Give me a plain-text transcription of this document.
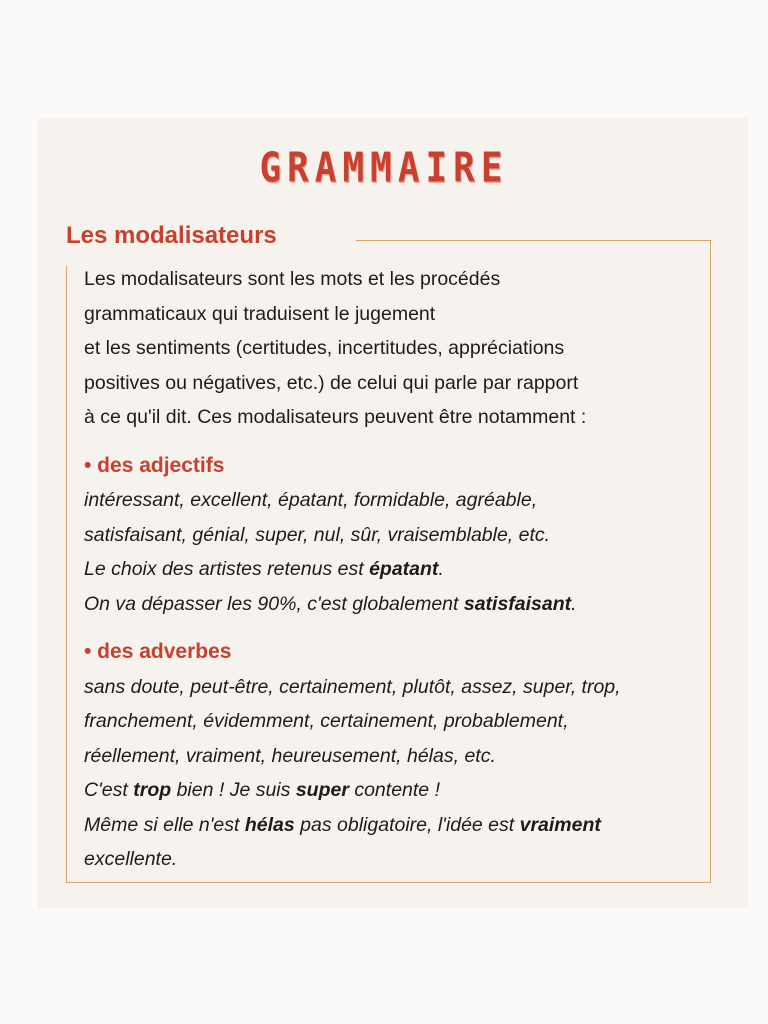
GRAMMAIRE
Les modalisateurs

Les modalisateurs sont les mots et les procédés

grammaticaux qui traduisent le jugement

et les sentiments (certitudes, incertitudes, appréciations

positives ou négatives, etc.) de celui qui parle par rapport

à ce qu'il dit. Ces modalisateurs peuvent être notamment :

• des adjectifs

intéressant, excellent, épatant, formidable, agréable,

satisfaisant, génial, super, nul, sûr, vraisemblable, etc.

Le choix des artistes retenus est épatant.

On va dépasser les 90%, c'est globalement satisfaisant.

• des adverbes

sans doute, peut-être, certainement, plutôt, assez, super, trop,

franchement, évidemment, certainement, probablement,

réellement, vraiment, heureusement, hélas, etc.

C'est trop bien ! Je suis super contente !

Même si elle n'est hélas pas obligatoire, l'idée est vraiment

excellente.
